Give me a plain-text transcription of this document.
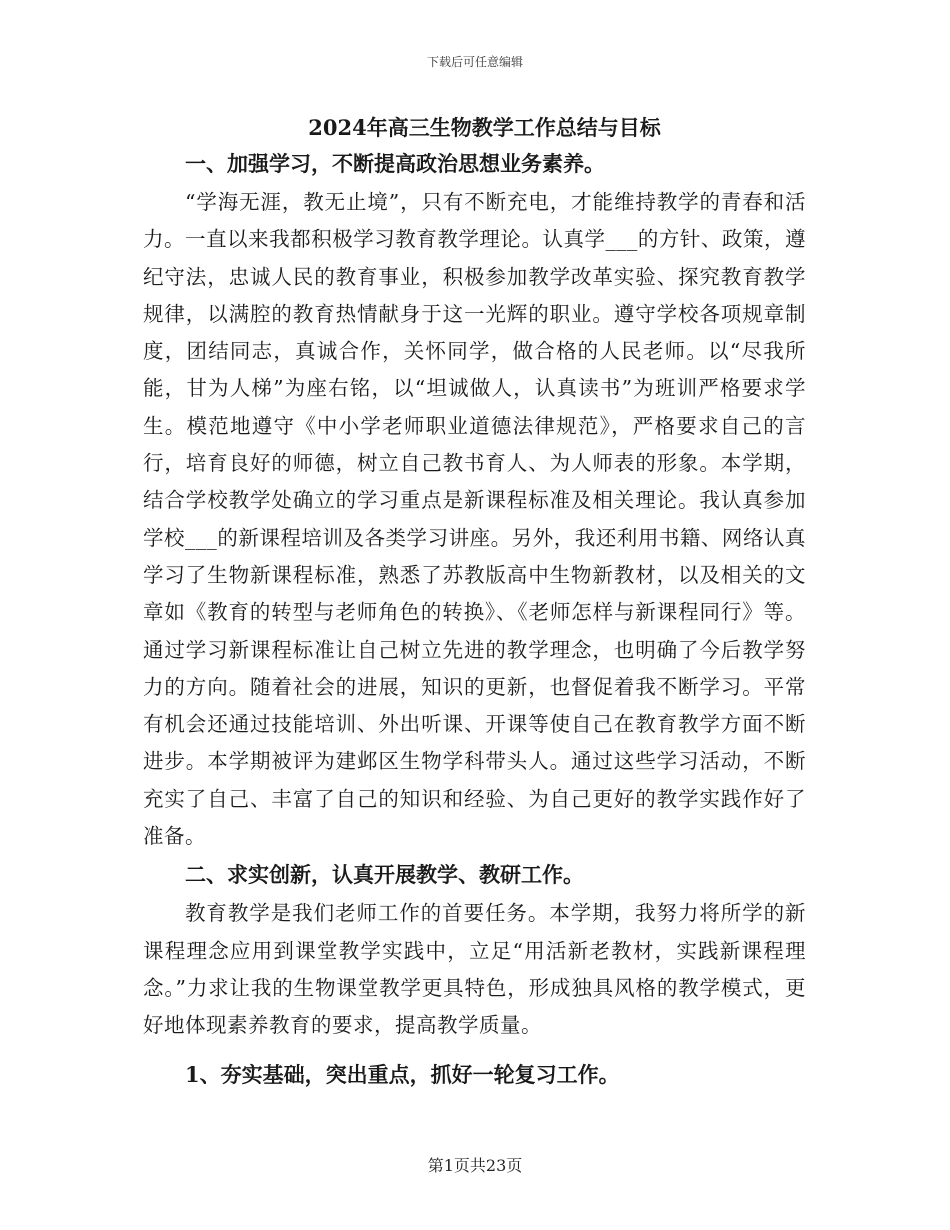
下载后可任意编辑
2024年高三生物教学工作总结与目标
一、加强学习，不断提高政治思想业务素养。

“学海无涯，教无止境”，只有不断充电，才能维持教学的青春和活力。一直以来我都积极学习教育教学理论。认真学___的方针、政策，遵纪守法，忠诚人民的教育事业，积极参加教学改革实验、探究教育教学规律，以满腔的教育热情献身于这一光辉的职业。遵守学校各项规章制度，团结同志，真诚合作，关怀同学，做合格的人民老师。以“尽我所能，甘为人梯”为座右铭，以“坦诚做人，认真读书”为班训严格要求学生。模范地遵守《中小学老师职业道德法律规范》，严格要求自己的言行，培育良好的师德，树立自己教书育人、为人师表的形象。本学期，结合学校教学处确立的学习重点是新课程标准及相关理论。我认真参加学校___的新课程培训及各类学习讲座。另外，我还利用书籍、网络认真学习了生物新课程标准，熟悉了苏教版高中生物新教材，以及相关的文章如《教育的转型与老师角色的转换》、《老师怎样与新课程同行》等。通过学习新课程标准让自己树立先进的教学理念，也明确了今后教学努力的方向。随着社会的进展，知识的更新，也督促着我不断学习。平常有机会还通过技能培训、外出听课、开课等使自己在教育教学方面不断进步。本学期被评为建邺区生物学科带头人。通过这些学习活动，不断充实了自己、丰富了自己的知识和经验、为自己更好的教学实践作好了准备。

二、求实创新，认真开展教学、教研工作。

教育教学是我们老师工作的首要任务。本学期，我努力将所学的新课程理念应用到课堂教学实践中，立足“用活新老教材，实践新课程理念。”力求让我的生物课堂教学更具特色，形成独具风格的教学模式，更好地体现素养教育的要求，提高教学质量。

1、夯实基础，突出重点，抓好一轮复习工作。
第1页共23页
